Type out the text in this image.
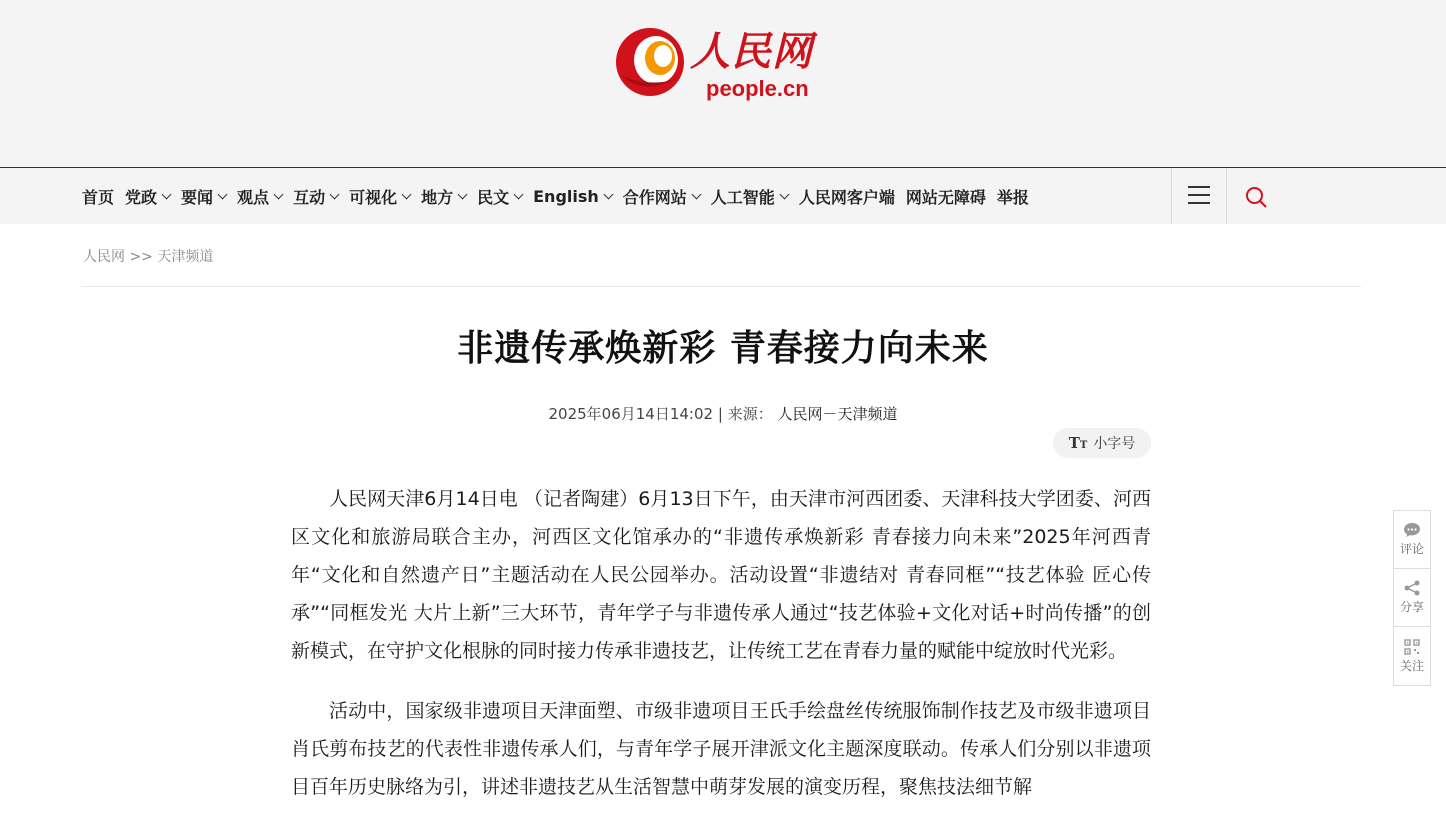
人民网
people.cn
首页 党政 要闻 观点 互动 可视化 地方 民文 English 合作网站 人工智能 人民网客户端 网站无障碍 举报
人民网 >> 天津频道
非遗传承焕新彩 青春接力向未来
2025年06月14日14:02 | 来源： 人民网－天津频道
TT 小字号

人民网天津6月14日电 （记者陶建）6月13日下午，由天津市河西团委、天津科技大学团委、河西区文化和旅游局联合主办，河西区文化馆承办的“非遗传承焕新彩 青春接力向未来”2025年河西青年“文化和自然遗产日”主题活动在人民公园举办。活动设置“非遗结对 青春同框”“技艺体验 匠心传承”“同框发光 大片上新”三大环节，青年学子与非遗传承人通过“技艺体验+文化对话+时尚传播”的创新模式，在守护文化根脉的同时接力传承非遗技艺，让传统工艺在青春力量的赋能中绽放时代光彩。

活动中，国家级非遗项目天津面塑、市级非遗项目王氏手绘盘丝传统服饰制作技艺及市级非遗项目肖氏剪布技艺的代表性非遗传承人们，与青年学子展开津派文化主题深度联动。传承人们分别以非遗项目百年历史脉络为引，讲述非遗技艺从生活智慧中萌芽发展的演变历程，聚焦技法细节解

评论
分享
关注
